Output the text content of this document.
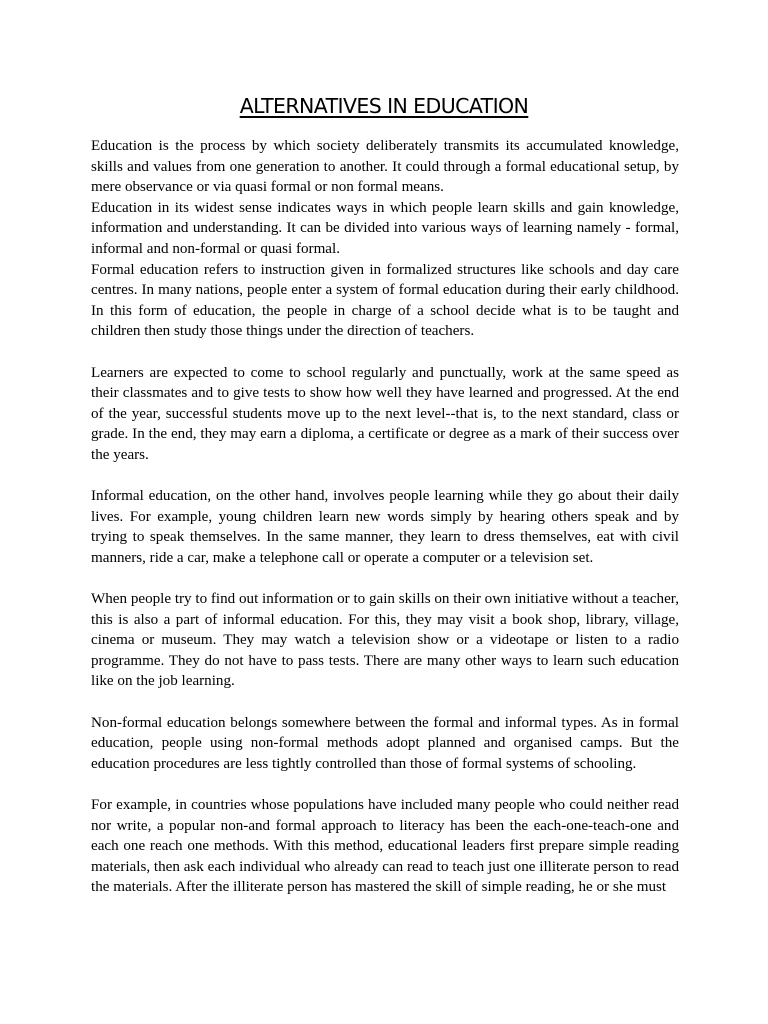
ALTERNATIVES IN EDUCATION

Education is the process by which society deliberately transmits its accumulated knowledge, skills and values from one generation to another. It could through a formal educational setup, by mere observance or via quasi formal or non formal means.

Education in its widest sense indicates ways in which people learn skills and gain knowledge, information and understanding. It can be divided into various ways of learning namely - formal, informal and non-formal or quasi formal.

Formal education refers to instruction given in formalized structures like schools and day care centres. In many nations, people enter a system of formal education during their early childhood. In this form of education, the people in charge of a school decide what is to be taught and children then study those things under the direction of teachers.

Learners are expected to come to school regularly and punctually, work at the same speed as their classmates and to give tests to show how well they have learned and progressed. At the end of the year, successful students move up to the next level--that is, to the next standard, class or grade. In the end, they may earn a diploma, a certificate or degree as a mark of their success over the years.

Informal education, on the other hand, involves people learning while they go about their daily lives. For example, young children learn new words simply by hearing others speak and by trying to speak themselves. In the same manner, they learn to dress themselves, eat with civil manners, ride a car, make a telephone call or operate a computer or a television set.

When people try to find out information or to gain skills on their own initiative without a teacher, this is also a part of informal education. For this, they may visit a book shop, library, village, cinema or museum. They may watch a television show or a videotape or listen to a radio programme. They do not have to pass tests. There are many other ways to learn such education like on the job learning.

Non-formal education belongs somewhere between the formal and informal types. As in formal education, people using non-formal methods adopt planned and organised camps. But the education procedures are less tightly controlled than those of formal systems of schooling.

For example, in countries whose populations have included many people who could neither read nor write, a popular non-and formal approach to literacy has been the each-one-teach-one and each one reach one methods. With this method, educational leaders first prepare simple reading materials, then ask each individual who already can read to teach just one illiterate person to read the materials. After the illiterate person has mastered the skill of simple reading, he or she must
